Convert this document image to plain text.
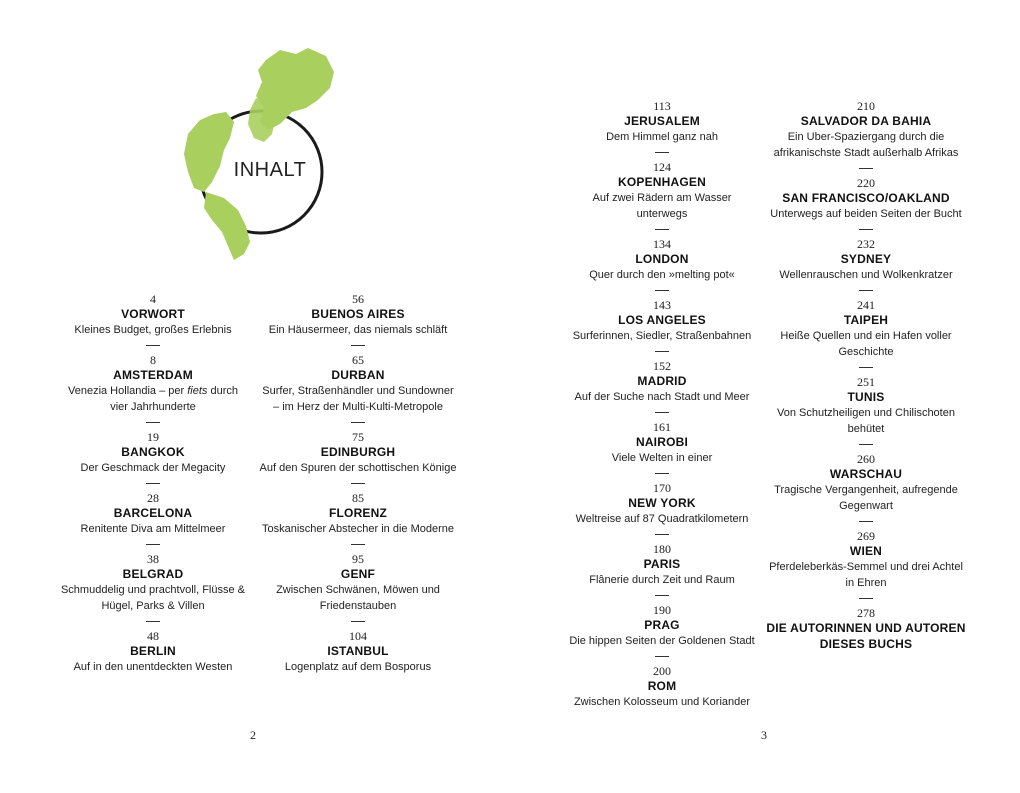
INHALT
4
VORWORT
Kleines Budget, großes Erlebnis
8
AMSTERDAM
Venezia Hollandia – per fiets durch vier Jahrhunderte
19
BANGKOK
Der Geschmack der Megacity
28
BARCELONA
Renitente Diva am Mittelmeer
38
BELGRAD
Schmuddelig und prachtvoll, Flüsse & Hügel, Parks & Villen
48
BERLIN
Auf in den unentdeckten Westen
56
BUENOS AIRES
Ein Häusermeer, das niemals schläft
65
DURBAN
Surfer, Straßenhändler und Sundowner – im Herz der Multi-Kulti-Metropole
75
EDINBURGH
Auf den Spuren der schottischen Könige
85
FLORENZ
Toskanischer Abstecher in die Moderne
95
GENF
Zwischen Schwänen, Möwen und Friedenstauben
104
ISTANBUL
Logenplatz auf dem Bosporus
2
113
JERUSALEM
Dem Himmel ganz nah
124
KOPENHAGEN
Auf zwei Rädern am Wasser unterwegs
134
LONDON
Quer durch den »melting pot«
143
LOS ANGELES
Surferinnen, Siedler, Straßenbahnen
152
MADRID
Auf der Suche nach Stadt und Meer
161
NAIROBI
Viele Welten in einer
170
NEW YORK
Weltreise auf 87 Quadratkilometern
180
PARIS
Flânerie durch Zeit und Raum
190
PRAG
Die hippen Seiten der Goldenen Stadt
200
ROM
Zwischen Kolosseum und Koriander
210
SALVADOR DA BAHIA
Ein Uber-Spaziergang durch die afrikanischste Stadt außerhalb Afrikas
220
SAN FRANCISCO/OAKLAND
Unterwegs auf beiden Seiten der Bucht
232
SYDNEY
Wellenrauschen und Wolkenkratzer
241
TAIPEH
Heiße Quellen und ein Hafen voller Geschichte
251
TUNIS
Von Schutzheiligen und Chilischoten behütet
260
WARSCHAU
Tragische Vergangenheit, aufregende Gegenwart
269
WIEN
Pferdeleberkäs-Semmel und drei Achtel in Ehren
278
DIE AUTORINNEN UND AUTOREN DIESES BUCHS
3
